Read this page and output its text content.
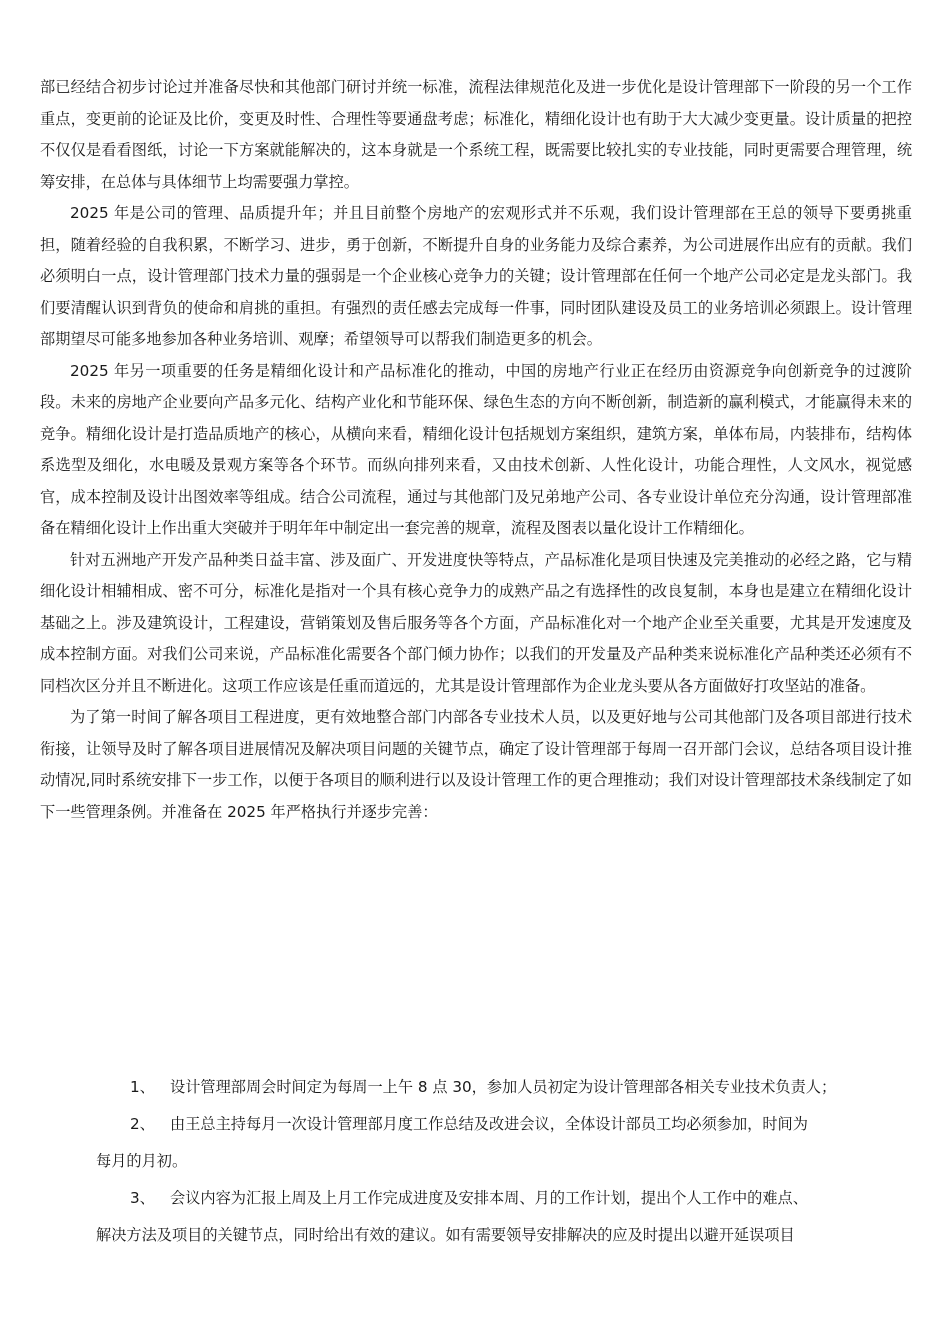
部已经结合初步讨论过并准备尽快和其他部门研讨并统一标准，流程法律规范化及进一步优化是设计管理部下一阶段的另一个工作重点，变更前的论证及比价，变更及时性、合理性等要通盘考虑；标准化，精细化设计也有助于大大减少变更量。设计质量的把控不仅仅是看看图纸，讨论一下方案就能解决的，这本身就是一个系统工程，既需要比较扎实的专业技能，同时更需要合理管理，统筹安排，在总体与具体细节上均需要强力掌控。

2025 年是公司的管理、品质提升年；并且目前整个房地产的宏观形式并不乐观，我们设计管理部在王总的领导下要勇挑重担，随着经验的自我积累，不断学习、进步，勇于创新，不断提升自身的业务能力及综合素养，为公司进展作出应有的贡献。我们必须明白一点，设计管理部门技术力量的强弱是一个企业核心竞争力的关键；设计管理部在任何一个地产公司必定是龙头部门。我们要清醒认识到背负的使命和肩挑的重担。有强烈的责任感去完成每一件事，同时团队建设及员工的业务培训必须跟上。设计管理部期望尽可能多地参加各种业务培训、观摩；希望领导可以帮我们制造更多的机会。

2025 年另一项重要的任务是精细化设计和产品标准化的推动，中国的房地产行业正在经历由资源竞争向创新竞争的过渡阶段。未来的房地产企业要向产品多元化、结构产业化和节能环保、绿色生态的方向不断创新，制造新的赢利模式，才能赢得未来的竞争。精细化设计是打造品质地产的核心，从横向来看，精细化设计包括规划方案组织，建筑方案，单体布局，内装排布，结构体系选型及细化，水电暖及景观方案等各个环节。而纵向排列来看，又由技术创新、人性化设计，功能合理性，人文风水，视觉感官，成本控制及设计出图效率等组成。结合公司流程，通过与其他部门及兄弟地产公司、各专业设计单位充分沟通，设计管理部准备在精细化设计上作出重大突破并于明年年中制定出一套完善的规章，流程及图表以量化设计工作精细化。

针对五洲地产开发产品种类日益丰富、涉及面广、开发进度快等特点，产品标准化是项目快速及完美推动的必经之路，它与精细化设计相辅相成、密不可分，标准化是指对一个具有核心竞争力的成熟产品之有选择性的改良复制，本身也是建立在精细化设计基础之上。涉及建筑设计，工程建设，营销策划及售后服务等各个方面，产品标准化对一个地产企业至关重要，尤其是开发速度及成本控制方面。对我们公司来说，产品标准化需要各个部门倾力协作；以我们的开发量及产品种类来说标准化产品种类还必须有不同档次区分并且不断进化。这项工作应该是任重而道远的，尤其是设计管理部作为企业龙头要从各方面做好打攻坚站的准备。

为了第一时间了解各项目工程进度，更有效地整合部门内部各专业技术人员，以及更好地与公司其他部门及各项目部进行技术衔接，让领导及时了解各项目进展情况及解决项目问题的关键节点，确定了设计管理部于每周一召开部门会议，总结各项目设计推动情况,同时系统安排下一步工作，以便于各项目的顺利进行以及设计管理工作的更合理推动；我们对设计管理部技术条线制定了如下一些管理条例。并准备在 2025 年严格执行并逐步完善：

1、 设计管理部周会时间定为每周一上午 8 点 30，参加人员初定为设计管理部各相关专业技术负责人；

2、 由王总主持每月一次设计管理部月度工作总结及改进会议，全体设计部员工均必须参加，时间为

每月的月初。

3、 会议内容为汇报上周及上月工作完成进度及安排本周、月的工作计划，提出个人工作中的难点、

解决方法及项目的关键节点，同时给出有效的建议。如有需要领导安排解决的应及时提出以避开延误项目
